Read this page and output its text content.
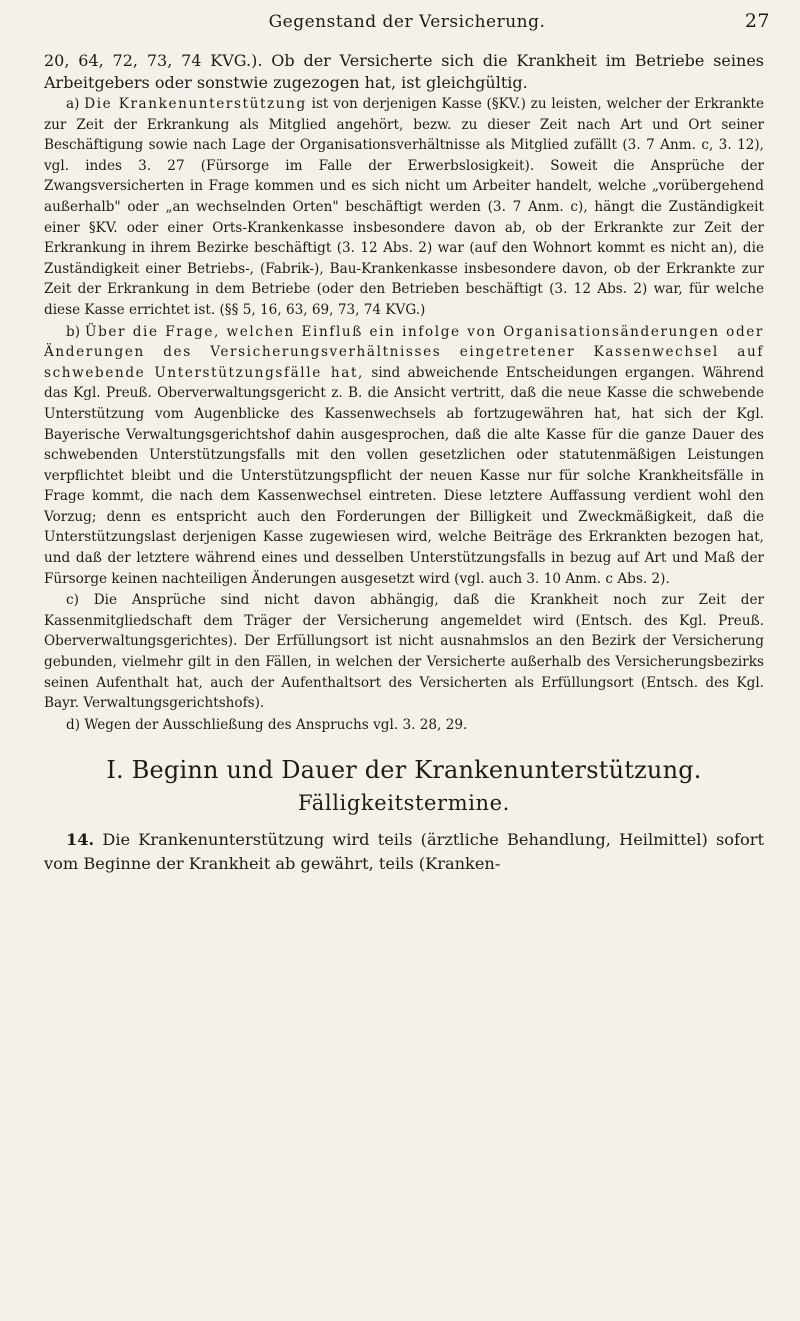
Gegenstand der Versicherung.	27

20, 64, 72, 73, 74 KVG.). Ob der Versicherte sich die Krankheit im Betriebe seines Arbeitgebers oder sonstwie zugezogen hat, ist gleichgültig.

a) Die Krankenunterstützung ist von derjenigen Kasse (§KV.) zu leisten, welcher der Erkrankte zur Zeit der Erkrankung als Mitglied angehört, bezw. zu dieser Zeit nach Art und Ort seiner Beschäftigung sowie nach Lage der Organisationsverhältnisse als Mitglied zufällt (3. 7 Anm. c, 3. 12), vgl. indes 3. 27 (Fürsorge im Falle der Erwerbslosigkeit). Soweit die Ansprüche der Zwangsversicherten in Frage kommen und es sich nicht um Arbeiter handelt, welche „vorübergehend außerhalb" oder „an wechselnden Orten" beschäftigt werden (3. 7 Anm. c), hängt die Zuständigkeit einer §KV. oder einer Orts-Krankenkasse insbesondere davon ab, ob der Erkrankte zur Zeit der Erkrankung in ihrem Bezirke beschäftigt (3. 12 Abs. 2) war (auf den Wohnort kommt es nicht an), die Zuständigkeit einer Betriebs-, (Fabrik-), Bau-Krankenkasse insbesondere davon, ob der Erkrankte zur Zeit der Erkrankung in dem Betriebe (oder den Betrieben beschäftigt (3. 12 Abs. 2) war, für welche diese Kasse errichtet ist. (§§ 5, 16, 63, 69, 73, 74 KVG.)

b) Über die Frage, welchen Einfluß ein infolge von Organisationsänderungen oder Änderungen des Versicherungsverhältnisses eingetretener Kassenwechsel auf schwebende Unterstützungsfälle hat, sind abweichende Entscheidungen ergangen. Während das Kgl. Preuß. Oberverwaltungsgericht z. B. die Ansicht vertritt, daß die neue Kasse die schwebende Unterstützung vom Augenblicke des Kassenwechsels ab fortzugewähren hat, hat sich der Kgl. Bayerische Verwaltungsgerichtshof dahin ausgesprochen, daß die alte Kasse für die ganze Dauer des schwebenden Unterstützungsfalls mit den vollen gesetzlichen oder statutenmäßigen Leistungen verpflichtet bleibt und die Unterstützungspflicht der neuen Kasse nur für solche Krankheitsfälle in Frage kommt, die nach dem Kassenwechsel eintreten. Diese letztere Auffassung verdient wohl den Vorzug; denn es entspricht auch den Forderungen der Billigkeit und Zweckmäßigkeit, daß die Unterstützungslast derjenigen Kasse zugewiesen wird, welche Beiträge des Erkrankten bezogen hat, und daß der letztere während eines und desselben Unterstützungsfalls in bezug auf Art und Maß der Fürsorge keinen nachteiligen Änderungen ausgesetzt wird (vgl. auch 3. 10 Anm. c Abs. 2).

c) Die Ansprüche sind nicht davon abhängig, daß die Krankheit noch zur Zeit der Kassenmitgliedschaft dem Träger der Versicherung angemeldet wird (Entsch. des Kgl. Preuß. Oberverwaltungsgerichtes). Der Erfüllungsort ist nicht ausnahmslos an den Bezirk der Versicherung gebunden, vielmehr gilt in den Fällen, in welchen der Versicherte außerhalb des Versicherungsbezirks seinen Aufenthalt hat, auch der Aufenthaltsort des Versicherten als Erfüllungsort (Entsch. des Kgl. Bayr. Verwaltungsgerichtshofs).

d) Wegen der Ausschließung des Anspruchs vgl. 3. 28, 29.

I. Beginn und Dauer der Krankenunterstützung.
Fälligkeitstermine.

14. Die Krankenunterstützung wird teils (ärztliche Behandlung, Heilmittel) sofort vom Beginne der Krankheit ab gewährt, teils (Kranken-
